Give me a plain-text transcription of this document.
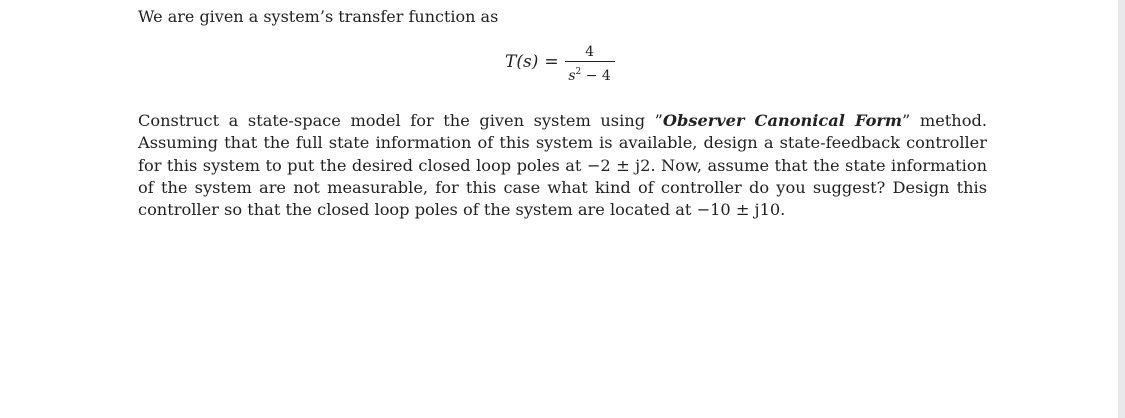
We are given a system’s transfer function as
$T(s) = \frac{4}{s^2 - 4}$
Construct a state-space model for the given system using ”Observer Canonical Form” method. Assuming that the full state information of this system is available, design a state-feedback controller for this system to put the desired closed loop poles at −2 ± j2. Now, assume that the state information of the system are not measurable, for this case what kind of controller do you suggest? Design this controller so that the closed loop poles of the system are located at −10 ± j10.
